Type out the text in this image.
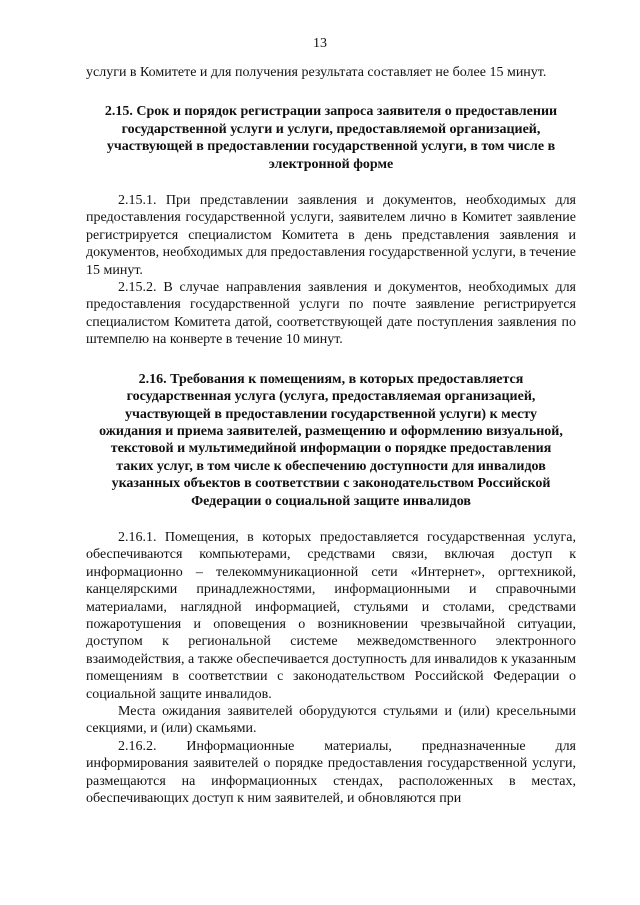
13

услуги в Комитете и для получения результата составляет не более 15 минут.

2.15. Срок и порядок регистрации запроса заявителя о предоставлении государственной услуги и услуги, предоставляемой организацией, участвующей в предоставлении государственной услуги, в том числе в электронной форме

2.15.1. При представлении заявления и документов, необходимых для предоставления государственной услуги, заявителем лично в Комитет заявление регистрируется специалистом Комитета в день представления заявления и документов, необходимых для предоставления государственной услуги, в течение 15 минут.

2.15.2. В случае направления заявления и документов, необходимых для предоставления государственной услуги по почте заявление регистрируется специалистом Комитета датой, соответствующей дате поступления заявления по штемпелю на конверте в течение 10 минут.

2.16. Требования к помещениям, в которых предоставляется государственная услуга (услуга, предоставляемая организацией, участвующей в предоставлении государственной услуги) к месту ожидания и приема заявителей, размещению и оформлению визуальной, текстовой и мультимедийной информации о порядке предоставления таких услуг, в том числе к обеспечению доступности для инвалидов указанных объектов в соответствии с законодательством Российской Федерации о социальной защите инвалидов

2.16.1. Помещения, в которых предоставляется государственная услуга, обеспечиваются компьютерами, средствами связи, включая доступ к информационно – телекоммуникационной сети «Интернет», оргтехникой, канцелярскими принадлежностями, информационными и справочными материалами, наглядной информацией, стульями и столами, средствами пожаротушения и оповещения о возникновении чрезвычайной ситуации, доступом к региональной системе межведомственного электронного взаимодействия, а также обеспечивается доступность для инвалидов к указанным помещениям в соответствии с законодательством Российской Федерации о социальной защите инвалидов.

Места ожидания заявителей оборудуются стульями и (или) кресельными секциями, и (или) скамьями.

2.16.2. Информационные материалы, предназначенные для информирования заявителей о порядке предоставления государственной услуги, размещаются на информационных стендах, расположенных в местах, обеспечивающих доступ к ним заявителей, и обновляются при
